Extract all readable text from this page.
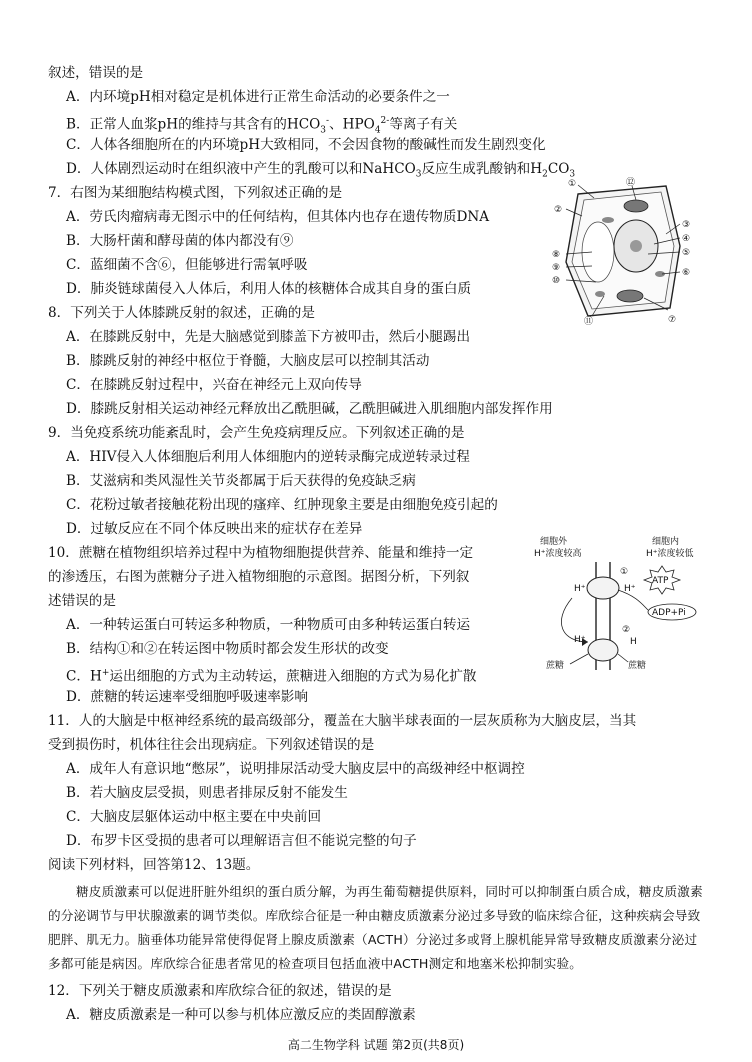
叙述，错误的是
A．内环境pH相对稳定是机体进行正常生命活动的必要条件之一
B．正常人血浆pH的维持与其含有的$HCO_3^-$、$HPO_4^{2-}$等离子有关
C．人体各细胞所在的内环境pH大致相同，不会因食物的酸碱性而发生剧烈变化
D．人体剧烈运动时在组织液中产生的乳酸可以和NaHCO$_3$反应生成乳酸钠和$H_2CO_3$
7．右图为某细胞结构模式图，下列叙述正确的是
A．劳氏肉瘤病毒无图示中的任何结构，但其体内也存在遗传物质DNA
B．大肠杆菌和酵母菌的体内都没有⑨
C．蓝细菌不含⑥，但能够进行需氧呼吸
D．肺炎链球菌侵入人体后，利用人体的核糖体合成其自身的蛋白质
①
②
③
④
⑤
⑥
⑦
⑧
⑨
⑩
⑪
⑫
8．下列关于人体膝跳反射的叙述，正确的是
A．在膝跳反射中，先是大脑感觉到膝盖下方被叩击，然后小腿踢出
B．膝跳反射的神经中枢位于脊髓，大脑皮层可以控制其活动
C．在膝跳反射过程中，兴奋在神经元上双向传导
D．膝跳反射相关运动神经元释放出乙酰胆碱，乙酰胆碱进入肌细胞内部发挥作用
9．当免疫系统功能紊乱时，会产生免疫病理反应。下列叙述正确的是
A．HIV侵入人体细胞后利用人体细胞内的逆转录酶完成逆转录过程
B．艾滋病和类风湿性关节炎都属于后天获得的免疫缺乏病
C．花粉过敏者接触花粉出现的瘙痒、红肿现象主要是由细胞免疫引起的
D．过敏反应在不同个体反映出来的症状存在差异
10．蔗糖在植物组织培养过程中为植物细胞提供营养、能量和维持一定
的渗透压，右图为蔗糖分子进入植物细胞的示意图。据图分析，下列叙
述错误的是
A．一种转运蛋白可转运多种物质，一种物质可由多种转运蛋白转运
B．结构①和②在转运图中物质时都会发生形状的改变
C．H+运出细胞的方式为主动转运，蔗糖进入细胞的方式为易化扩散
D．蔗糖的转运速率受细胞呼吸速率影响
细胞外
H⁺浓度较高
细胞内
H⁺浓度较低
①
H⁺	H⁺
ATP
ADP+Pi
②
H⁺	H
蔗糖	蔗糖
11．人的大脑是中枢神经系统的最高级部分，覆盖在大脑半球表面的一层灰质称为大脑皮层，当其
受到损伤时，机体往往会出现病症。下列叙述错误的是
A．成年人有意识地“憋尿”，说明排尿活动受大脑皮层中的高级神经中枢调控
B．若大脑皮层受损，则患者排尿反射不能发生
C．大脑皮层躯体运动中枢主要在中央前回
D．布罗卡区受损的患者可以理解语言但不能说完整的句子
阅读下列材料，回答第12、13题。
糖皮质激素可以促进肝脏外组织的蛋白质分解，为再生葡萄糖提供原料，同时可以抑制蛋白质合成，糖皮质激素的分泌调节与甲状腺激素的调节类似。库欣综合征是一种由糖皮质激素分泌过多导致的临床综合征，这种疾病会导致肥胖、肌无力。脑垂体功能异常使得促肾上腺皮质激素（ACTH）分泌过多或肾上腺机能异常导致糖皮质激素分泌过多都可能是病因。库欣综合征患者常见的检查项目包括血液中ACTH测定和地塞米松抑制实验。
12．下列关于糖皮质激素和库欣综合征的叙述，错误的是
A．糖皮质激素是一种可以参与机体应激反应的类固醇激素
高二生物学科 试题 第2页(共8页)
